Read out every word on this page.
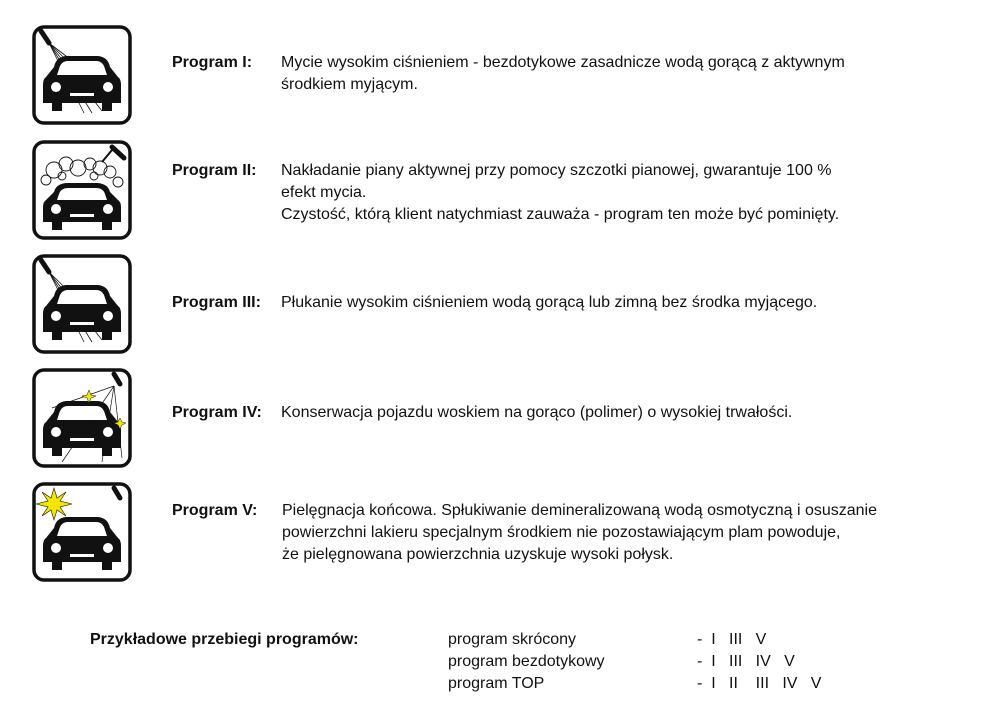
Program I: Mycie wysokim ciśnieniem - bezdotykowe zasadnicze wodą gorącą z aktywnym
środkiem myjącym.
Program II: Nakładanie piany aktywnej przy pomocy szczotki pianowej, gwarantuje 100 %
efekt mycia.
Czystość, którą klient natychmiast zauważa - program ten może być pominięty.
Program III: Płukanie wysokim ciśnieniem wodą gorącą lub zimną bez środka myjącego.
Program IV: Konserwacja pojazdu woskiem na gorąco (polimer) o wysokiej trwałości.
Program V: Pielęgnacja końcowa. Spłukiwanie demineralizowaną wodą osmotyczną i osuszanie
powierzchni lakieru specjalnym środkiem nie pozostawiającym plam powoduje,
że pielęgnowana powierzchnia uzyskuje wysoki połysk.
Przykładowe przebiegi programów:	program skrócony	-  I   III   V
program bezdotykowy	-  I   III   IV   V
program TOP	-  I   II    III   IV   V
